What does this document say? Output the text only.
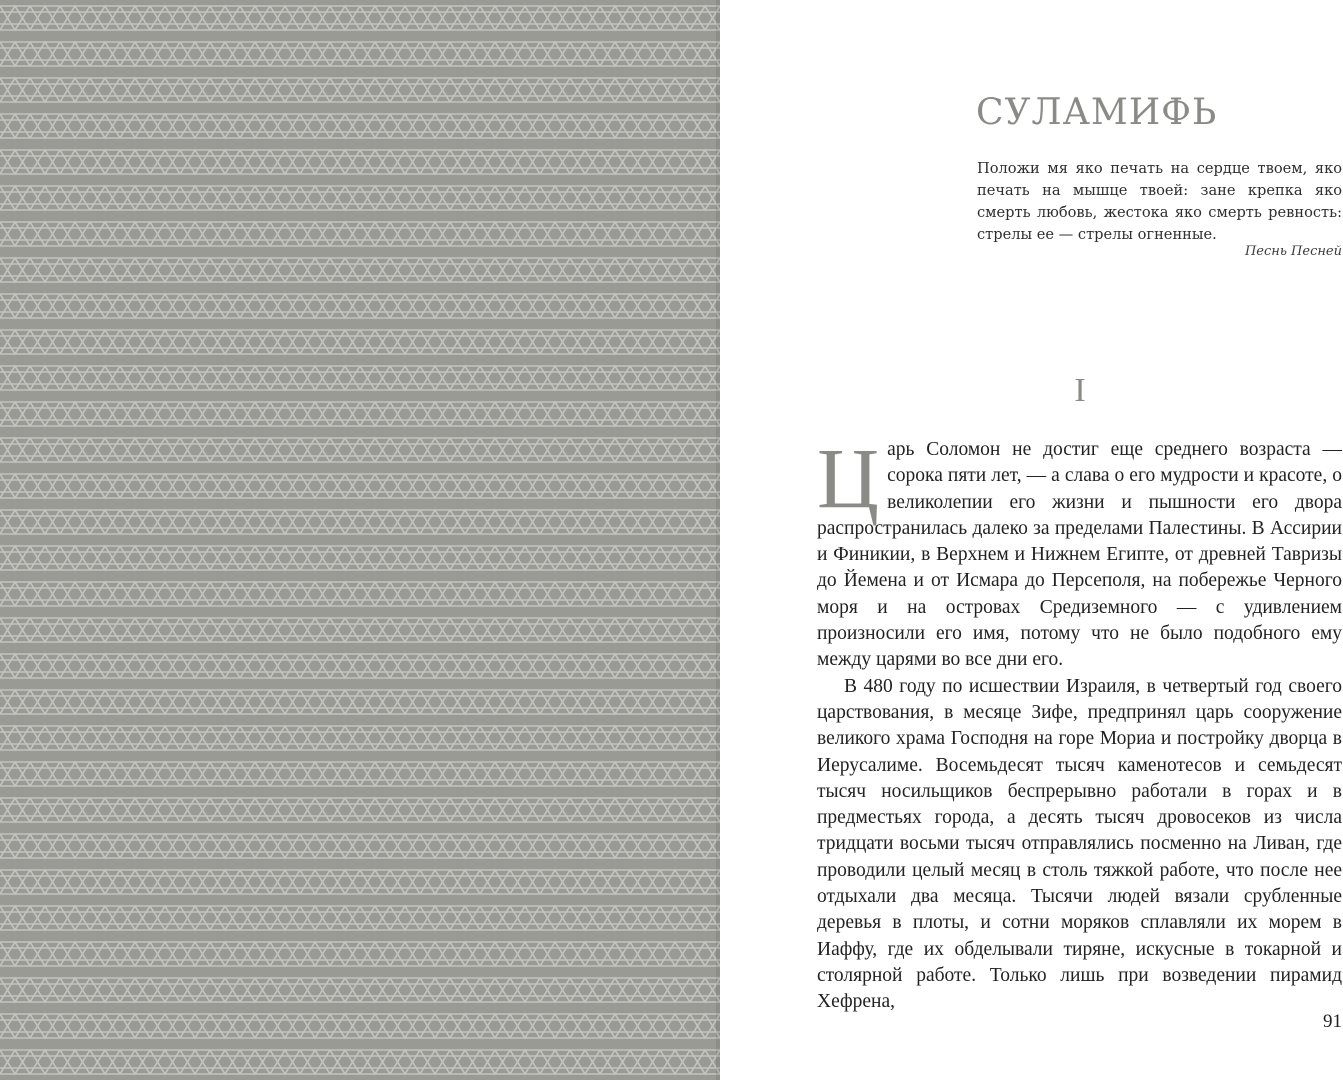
СУЛАМИФЬ
Положи мя яко печать на сердце твоем, яко печать на мышце твоей: зане крепка яко смерть любовь, жестока яко смерть ревность: стрелы ее — стрелы огненные.
Песнь Песней
I

Царь Соломон не достиг еще среднего возраста — сорока пяти лет, — а слава о его мудрости и красоте, о великолепии его жизни и пышности его двора распространилась далеко за пределами Палестины. В Ассирии и Финикии, в Верхнем и Нижнем Египте, от древней Тавризы до Йемена и от Исмара до Персеполя, на побережье Черного моря и на островах Средиземного — с удивлением произносили его имя, потому что не было подобного ему между царями во все дни его.

В 480 году по исшествии Израиля, в четвертый год своего царствования, в месяце Зифе, предпринял царь сооружение великого храма Господня на горе Мориа и постройку дворца в Иерусалиме. Восемьдесят тысяч каменотесов и семьдесят тысяч носильщиков беспрерывно работали в горах и в предместьях города, а десять тысяч дровосеков из числа тридцати восьми тысяч отправлялись посменно на Ливан, где проводили целый месяц в столь тяжкой работе, что после нее отдыхали два месяца. Тысячи людей вязали срубленные деревья в плоты, и сотни моряков сплавляли их морем в Иаффу, где их обделывали тиряне, искусные в токарной и столярной работе. Только лишь при возведении пирамид Хефрена,

91
